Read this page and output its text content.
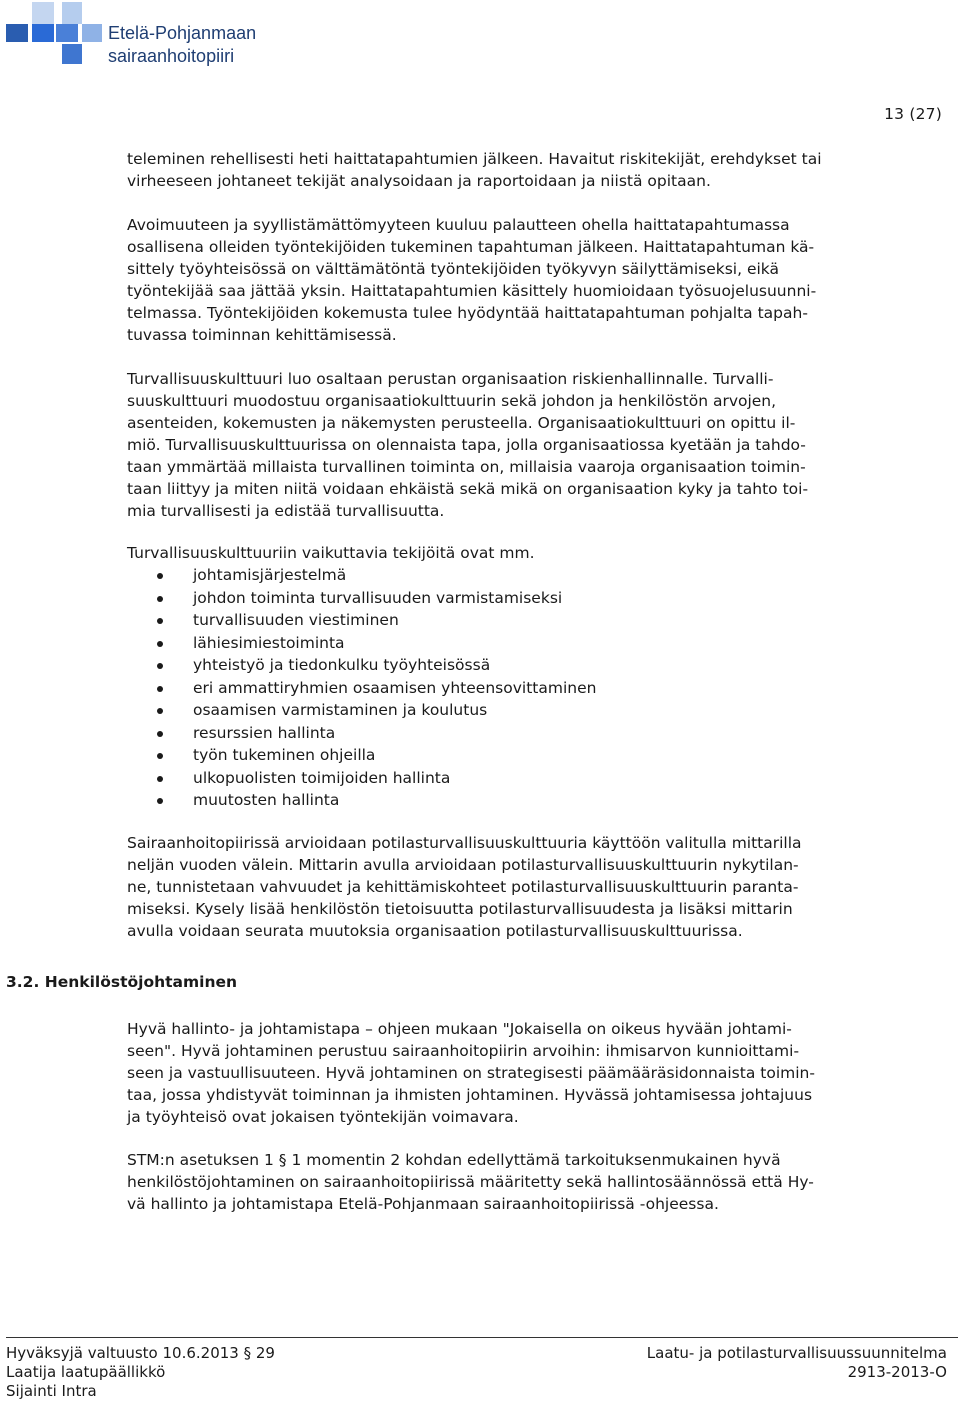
Etelä-Pohjanmaan
sairaanhoitopiiri
13 (27)

teleminen rehellisesti heti haittatapahtumien jälkeen. Havaitut riskitekijät, erehdykset tai

virheeseen johtaneet tekijät analysoidaan ja raportoidaan ja niistä opitaan.

Avoimuuteen ja syyllistämättömyyteen kuuluu palautteen ohella haittatapahtumassa

osallisena olleiden työntekijöiden tukeminen tapahtuman jälkeen. Haittatapahtuman kä-

sittely työyhteisössä on välttämätöntä työntekijöiden työkyvyn säilyttämiseksi, eikä

työntekijää saa jättää yksin. Haittatapahtumien käsittely huomioidaan työsuojelusuunni-

telmassa. Työntekijöiden kokemusta tulee hyödyntää haittatapahtuman pohjalta tapah-

tuvassa toiminnan kehittämisessä.

Turvallisuuskulttuuri luo osaltaan perustan organisaation riskienhallinnalle. Turvalli-

suuskulttuuri muodostuu organisaatiokulttuurin sekä johdon ja henkilöstön arvojen,

asenteiden, kokemusten ja näkemysten perusteella. Organisaatiokulttuuri on opittu il-

miö. Turvallisuuskulttuurissa on olennaista tapa, jolla organisaatiossa kyetään ja tahdo-

taan ymmärtää millaista turvallinen toiminta on, millaisia vaaroja organisaation toimin-

taan liittyy ja miten niitä voidaan ehkäistä sekä mikä on organisaation kyky ja tahto toi-

mia turvallisesti ja edistää turvallisuutta.

Turvallisuuskulttuuriin vaikuttavia tekijöitä ovat mm.
johtamisjärjestelmä
johdon toiminta turvallisuuden varmistamiseksi
turvallisuuden viestiminen
lähiesimiestoiminta
yhteistyö ja tiedonkulku työyhteisössä
eri ammattiryhmien osaamisen yhteensovittaminen
osaamisen varmistaminen ja koulutus
resurssien hallinta
työn tukeminen ohjeilla
ulkopuolisten toimijoiden hallinta
muutosten hallinta

Sairaanhoitopiirissä arvioidaan potilasturvallisuuskulttuuria käyttöön valitulla mittarilla

neljän vuoden välein. Mittarin avulla arvioidaan potilasturvallisuuskulttuurin nykytilan-

ne, tunnistetaan vahvuudet ja kehittämiskohteet potilasturvallisuuskulttuurin paranta-

miseksi. Kysely lisää henkilöstön tietoisuutta potilasturvallisuudesta ja lisäksi mittarin

avulla voidaan seurata muutoksia organisaation potilasturvallisuuskulttuurissa.

3.2. Henkilöstöjohtaminen

Hyvä hallinto- ja johtamistapa – ohjeen mukaan "Jokaisella on oikeus hyvään johtami-

seen". Hyvä johtaminen perustuu sairaanhoitopiirin arvoihin: ihmisarvon kunnioittami-

seen ja vastuullisuuteen. Hyvä johtaminen on strategisesti päämääräsidonnaista toimin-

taa, jossa yhdistyvät toiminnan ja ihmisten johtaminen. Hyvässä johtamisessa johtajuus

ja työyhteisö ovat jokaisen työntekijän voimavara.

STM:n asetuksen 1 § 1 momentin 2 kohdan edellyttämä tarkoituksenmukainen hyvä

henkilöstöjohtaminen on sairaanhoitopiirissä määritetty sekä hallintosäännössä että Hy-

vä hallinto ja johtamistapa Etelä-Pohjanmaan sairaanhoitopiirissä -ohjeessa.

Hyväksyjä valtuusto 10.6.2013 § 29
Laatija laatupäällikkö
Sijainti Intra
Laatu- ja potilasturvallisuussuunnitelma
2913-2013-O
